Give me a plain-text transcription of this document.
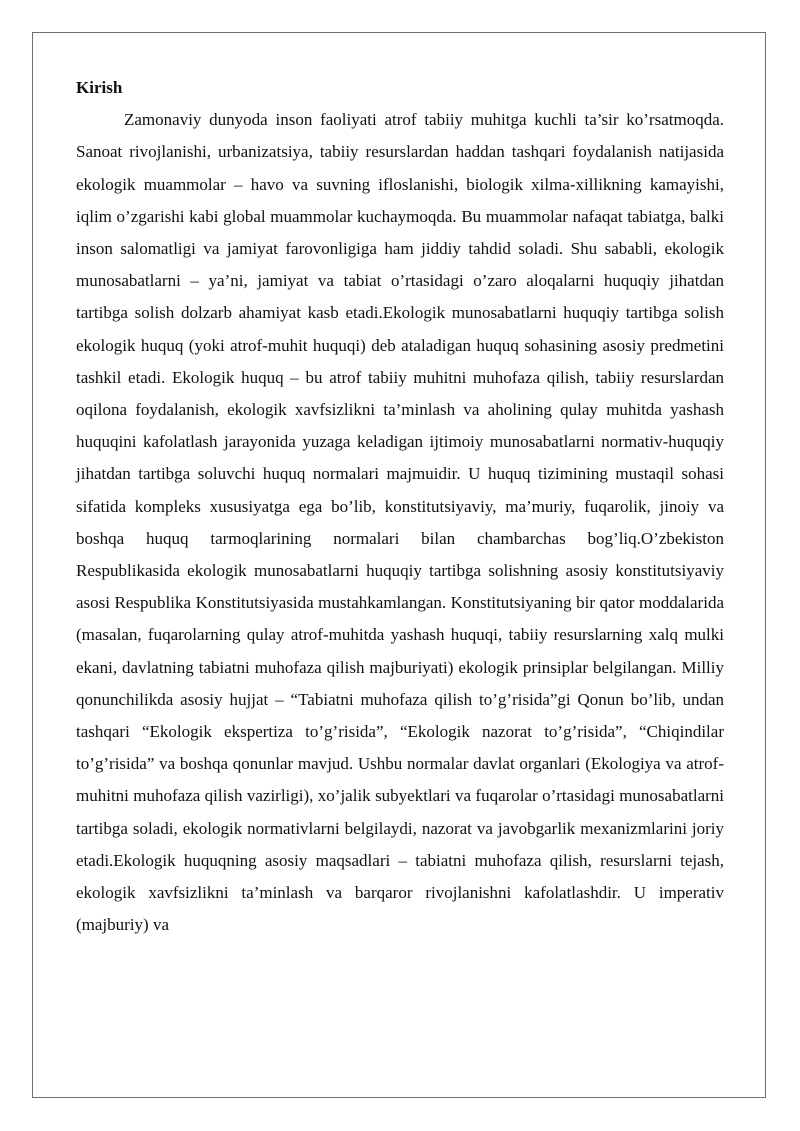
Kirish

Zamonaviy dunyoda inson faoliyati atrof tabiiy muhitga kuchli ta’sir ko’rsatmoqda. Sanoat rivojlanishi, urbanizatsiya, tabiiy resurslardan haddan tashqari foydalanish natijasida ekologik muammolar – havo va suvning ifloslanishi, biologik xilma-xillikning kamayishi, iqlim o’zgarishi kabi global muammolar kuchaymoqda. Bu muammolar nafaqat tabiatga, balki inson salomatligi va jamiyat farovonligiga ham jiddiy tahdid soladi. Shu sababli, ekologik munosabatlarni – ya’ni, jamiyat va tabiat o’rtasidagi o’zaro aloqalarni huquqiy jihatdan tartibga solish dolzarb ahamiyat kasb etadi.Ekologik munosabatlarni huquqiy tartibga solish ekologik huquq (yoki atrof-muhit huquqi) deb ataladigan huquq sohasining asosiy predmetini tashkil etadi. Ekologik huquq – bu atrof tabiiy muhitni muhofaza qilish, tabiiy resurslardan oqilona foydalanish, ekologik xavfsizlikni ta’minlash va aholining qulay muhitda yashash huquqini kafolatlash jarayonida yuzaga keladigan ijtimoiy munosabatlarni normativ-huquqiy jihatdan tartibga soluvchi huquq normalari majmuidir. U huquq tizimining mustaqil sohasi sifatida kompleks xususiyatga ega bo’lib, konstitutsiyaviy, ma’muriy, fuqarolik, jinoiy va boshqa huquq tarmoqlarining normalari bilan chambarchas bog’liq.O’zbekiston Respublikasida ekologik munosabatlarni huquqiy tartibga solishning asosiy konstitutsiyaviy asosi Respublika Konstitutsiyasida mustahkamlangan. Konstitutsiyaning bir qator moddalarida (masalan, fuqarolarning qulay atrof-muhitda yashash huquqi, tabiiy resurslarning xalq mulki ekani, davlatning tabiatni muhofaza qilish majburiyati) ekologik prinsiplar belgilangan. Milliy qonunchilikda asosiy hujjat – “Tabiatni muhofaza qilish to’g’risida”gi Qonun bo’lib, undan tashqari “Ekologik ekspertiza to’g’risida”, “Ekologik nazorat to’g’risida”, “Chiqindilar to’g’risida” va boshqa qonunlar mavjud. Ushbu normalar davlat organlari (Ekologiya va atrof-muhitni muhofaza qilish vazirligi), xo’jalik subyektlari va fuqarolar o’rtasidagi munosabatlarni tartibga soladi, ekologik normativlarni belgilaydi, nazorat va javobgarlik mexanizmlarini joriy etadi.Ekologik huquqning asosiy maqsadlari – tabiatni muhofaza qilish, resurslarni tejash, ekologik xavfsizlikni ta’minlash va barqaror rivojlanishni kafolatlashdir. U imperativ (majburiy) va
